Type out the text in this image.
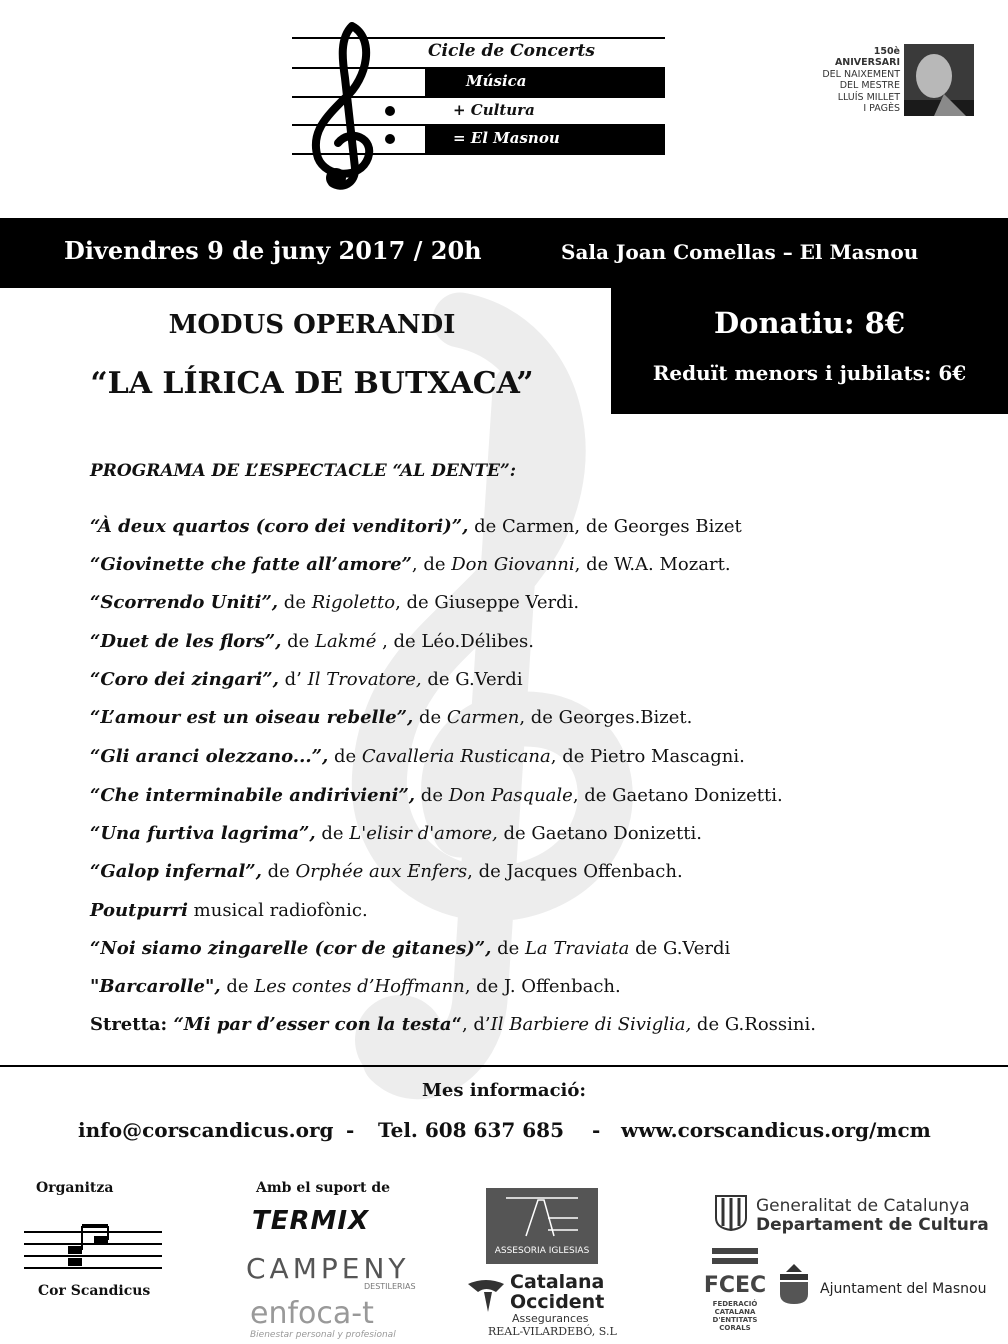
Cicle de Concerts
Música
+ Cultura
= El Masnou
150è
ANIVERSARI
DEL NAIXEMENT
DEL MESTRE
LLUÍS MILLET
I PAGÈS
Divendres 9 de juny 2017 / 20h	Sala Joan Comellas – El Masnou
MODUS OPERANDI
“LA LÍRICA DE BUTXACA”
Donatiu: 8€
Reduït menors i jubilats: 6€
PROGRAMA DE L’ESPECTACLE “AL DENTE”:
“À deux quartos (coro dei venditori)”, de Carmen, de Georges Bizet
“Giovinette che fatte all’amore”, de Don Giovanni, de W.A. Mozart.
“Scorrendo Uniti”, de Rigoletto, de Giuseppe Verdi.
“Duet de les flors”, de Lakmé , de Léo.Délibes.
“Coro dei zingari”, d’ Il Trovatore, de G.Verdi
“L’amour est un oiseau rebelle”, de Carmen, de Georges.Bizet.
“Gli aranci olezzano...”, de Cavalleria Rusticana, de Pietro Mascagni.
“Che interminabile andirivieni”, de Don Pasquale, de Gaetano Donizetti.
“Una furtiva lagrima”, de L'elisir d'amore, de Gaetano Donizetti.
“Galop infernal”, de Orphée aux Enfers, de Jacques Offenbach.
Poutpurri musical radiofònic.
“Noi siamo zingarelle (cor de gitanes)”, de La Traviata de G.Verdi
"Barcarolle", de Les contes d’Hoffmann, de J. Offenbach.
Stretta: “Mi par d’esser con la testa“, d’Il Barbiere di Siviglia, de G.Rossini.
Mes informació:
info@corscandicus.org - Tel. 608 637 685 - www.corscandicus.org/mcm
Organitza
Cor Scandicus
Amb el suport de
TERMIX
CAMPENY
DESTILERIAS
enfoca-t
Bienestar personal y profesional
ASSESORIA IGLESIAS
Catalana
Occident
Assegurances
REAL-VILARDEBÓ, S.L
Generalitat de Catalunya
Departament de Cultura
FCEC
FEDERACIÓ CATALANA D'ENTITATS CORALS
Ajuntament del Masnou
